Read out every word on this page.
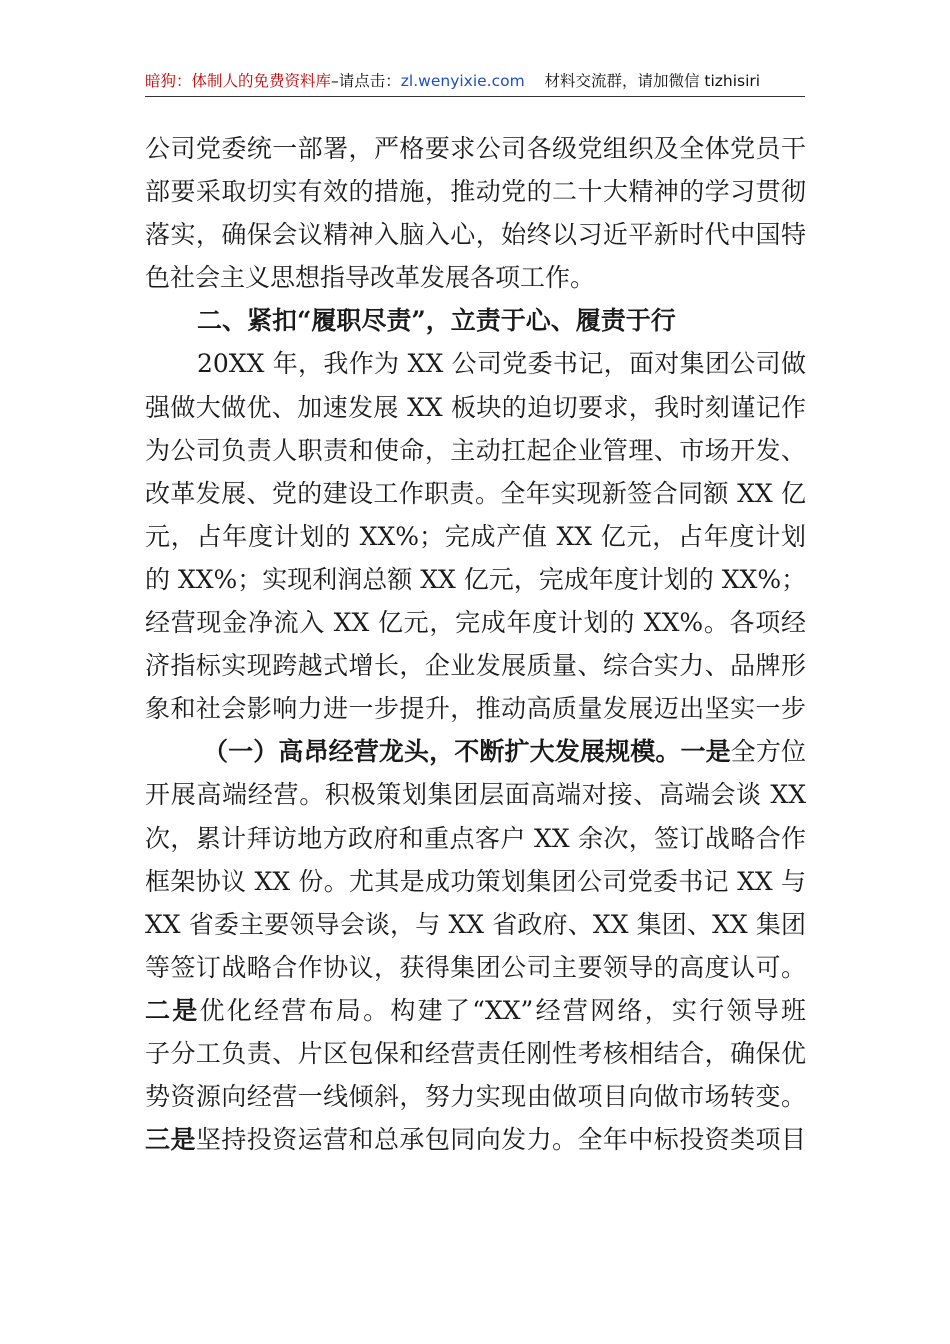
暗狗：体制人的免费资料库–请点击：zl.wenyixie.com 材料交流群，请加微信 tizhisiri
公司党委统一部署，严格要求公司各级党组织及全体党员干
部要采取切实有效的措施，推动党的二十大精神的学习贯彻
落实，确保会议精神入脑入心，始终以习近平新时代中国特
色社会主义思想指导改革发展各项工作。
二、紧扣“履职尽责”，立责于心、履责于行
20XX 年，我作为 XX 公司党委书记，面对集团公司做
强做大做优、加速发展 XX 板块的迫切要求，我时刻谨记作
为公司负责人职责和使命，主动扛起企业管理、市场开发、
改革发展、党的建设工作职责。全年实现新签合同额 XX 亿
元，占年度计划的 XX%；完成产值 XX 亿元，占年度计划
的 XX%；实现利润总额 XX 亿元，完成年度计划的 XX%；
经营现金净流入 XX 亿元，完成年度计划的 XX%。各项经
济指标实现跨越式增长，企业发展质量、综合实力、品牌形
象和社会影响力进一步提升，推动高质量发展迈出坚实一步
（一）高昂经营龙头，不断扩大发展规模。一是全方位
开展高端经营。积极策划集团层面高端对接、高端会谈 XX
次，累计拜访地方政府和重点客户 XX 余次，签订战略合作
框架协议 XX 份。尤其是成功策划集团公司党委书记 XX 与
XX 省委主要领导会谈，与 XX 省政府、XX 集团、XX 集团
等签订战略合作协议，获得集团公司主要领导的高度认可。
二是优化经营布局。构建了“XX”经营网络，实行领导班
子分工负责、片区包保和经营责任刚性考核相结合，确保优
势资源向经营一线倾斜，努力实现由做项目向做市场转变。
三是坚持投资运营和总承包同向发力。全年中标投资类项目
